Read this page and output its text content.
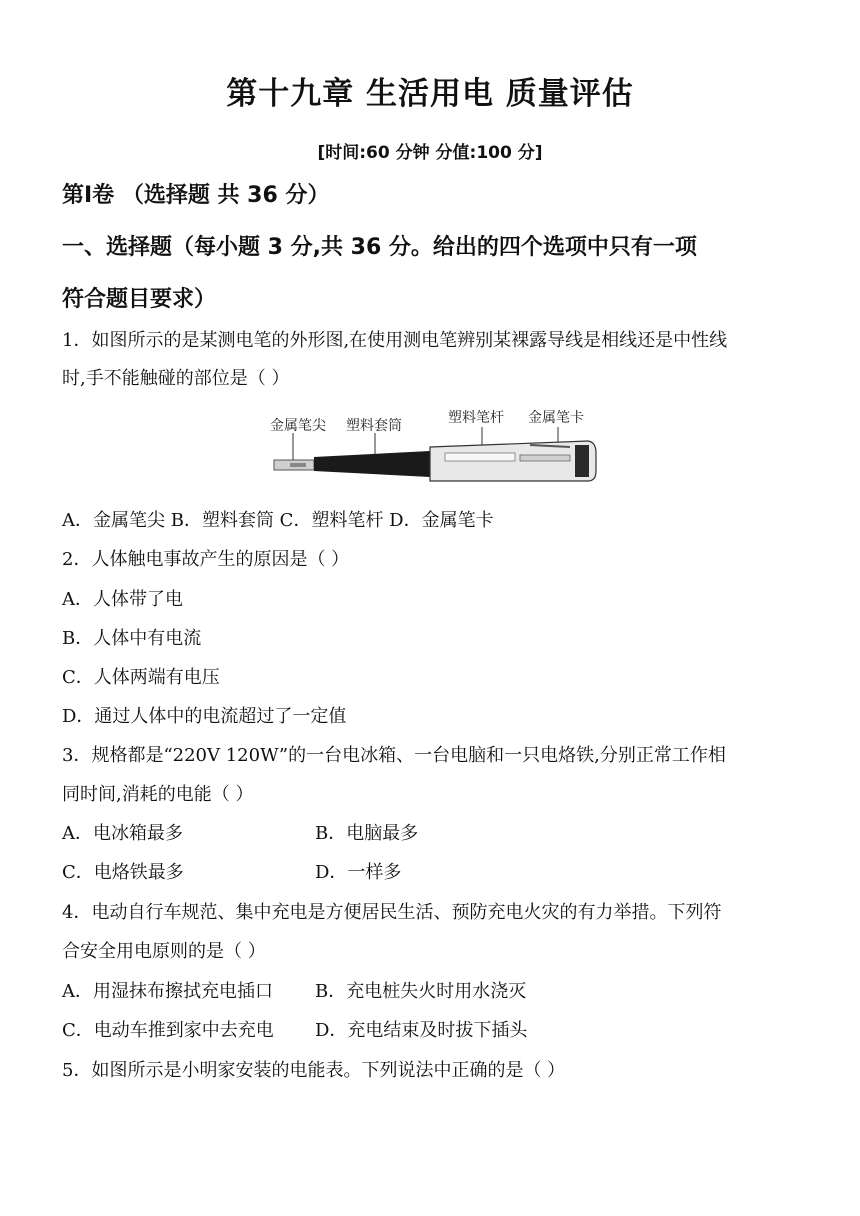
第十九章 生活用电 质量评估
[时间:60 分钟 分值:100 分]
第Ⅰ卷 （选择题 共 36 分）
一、选择题（每小题 3 分,共 36 分。给出的四个选项中只有一项
符合题目要求）
1．如图所示的是某测电笔的外形图,在使用测电笔辨别某裸露导线是相线还是中性线
时,手不能触碰的部位是（ ）
金属笔尖 塑料套筒	塑料笔杆 金属笔卡
A．金属笔尖 B．塑料套筒 C．塑料笔杆 D．金属笔卡
2．人体触电事故产生的原因是（ ）
A．人体带了电
B．人体中有电流
C．人体两端有电压
D．通过人体中的电流超过了一定值
3．规格都是“220V 120W”的一台电冰箱、一台电脑和一只电烙铁,分别正常工作相
同时间,消耗的电能（ ）
A．电冰箱最多	B．电脑最多
C．电烙铁最多	D．一样多
4．电动自行车规范、集中充电是方便居民生活、预防充电火灾的有力举措。下列符
合安全用电原则的是（ ）
A．用湿抹布擦拭充电插口 B．充电桩失火时用水浇灭
C．电动车推到家中去充电 D．充电结束及时拔下插头
5．如图所示是小明家安装的电能表。下列说法中正确的是（ ）
